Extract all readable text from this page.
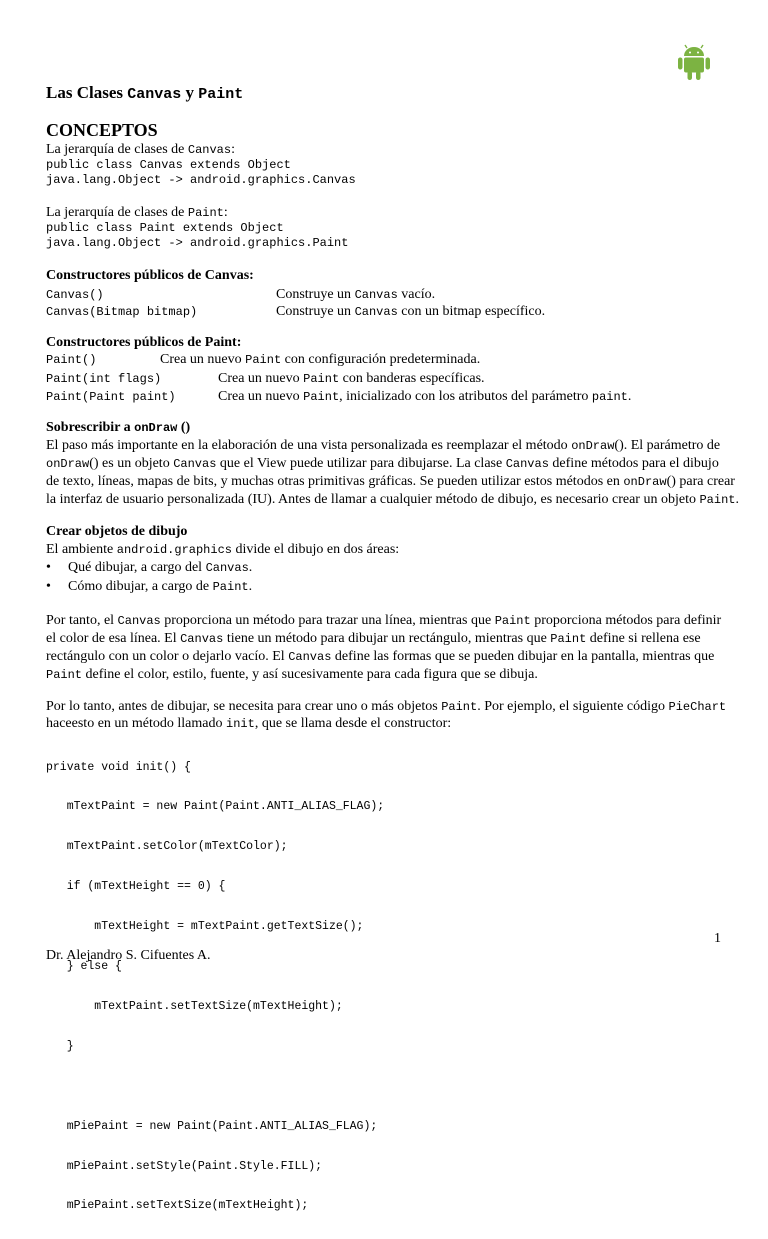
Las Clases Canvas y Paint
CONCEPTOS
La jerarquía de clases de Canvas:
public class Canvas extends Object
java.lang.Object -> android.graphics.Canvas
La jerarquía de clases de Paint:
public class Paint extends Object
java.lang.Object -> android.graphics.Paint
Constructores públicos de Canvas:
Canvas()	Construye un Canvas vacío.
Canvas(Bitmap bitmap)	Construye un Canvas con un bitmap específico.
Constructores públicos de Paint:
Paint()	Crea un nuevo Paint con configuración predeterminada.
Paint(int flags)	Crea un nuevo Paint con banderas específicas.
Paint(Paint paint)	Crea un nuevo Paint, inicializado con los atributos del parámetro paint.
Sobrescribir a onDraw ()
El paso más importante en la elaboración de una vista personalizada es reemplazar el método onDraw(). El parámetro de
onDraw() es un objeto Canvas que el View puede utilizar para dibujarse. La clase Canvas define métodos para el dibujo
de texto, líneas, mapas de bits, y muchas otras primitivas gráficas. Se pueden utilizar estos métodos en onDraw() para crear
la interfaz de usuario personalizada (IU). Antes de llamar a cualquier método de dibujo, es necesario crear un objeto Paint.
Crear objetos de dibujo
El ambiente android.graphics divide el dibujo en dos áreas:
• Qué dibujar, a cargo del Canvas.
• Cómo dibujar, a cargo de Paint.
Por tanto, el Canvas proporciona un método para trazar una línea, mientras que Paint proporciona métodos para definir
el color de esa línea. El Canvas tiene un método para dibujar un rectángulo, mientras que Paint define si rellena ese
rectángulo con un color o dejarlo vacío. El Canvas define las formas que se pueden dibujar en la pantalla, mientras que
Paint define el color, estilo, fuente, y así sucesivamente para cada figura que se dibuja.
Por lo tanto, antes de dibujar, se necesita para crear uno o más objetos Paint. Por ejemplo, el siguiente código PieChart
haceesto en un método llamado init, que se llama desde el constructor:

private void init() {

mTextPaint = new Paint(Paint.ANTI_ALIAS_FLAG);

mTextPaint.setColor(mTextColor);

if (mTextHeight == 0) {

mTextHeight = mTextPaint.getTextSize();

} else {

mTextPaint.setTextSize(mTextHeight);

}

mPiePaint = new Paint(Paint.ANTI_ALIAS_FLAG);

mPiePaint.setStyle(Paint.Style.FILL);

mPiePaint.setTextSize(mTextHeight);

1
Dr. Alejandro S. Cifuentes A.
